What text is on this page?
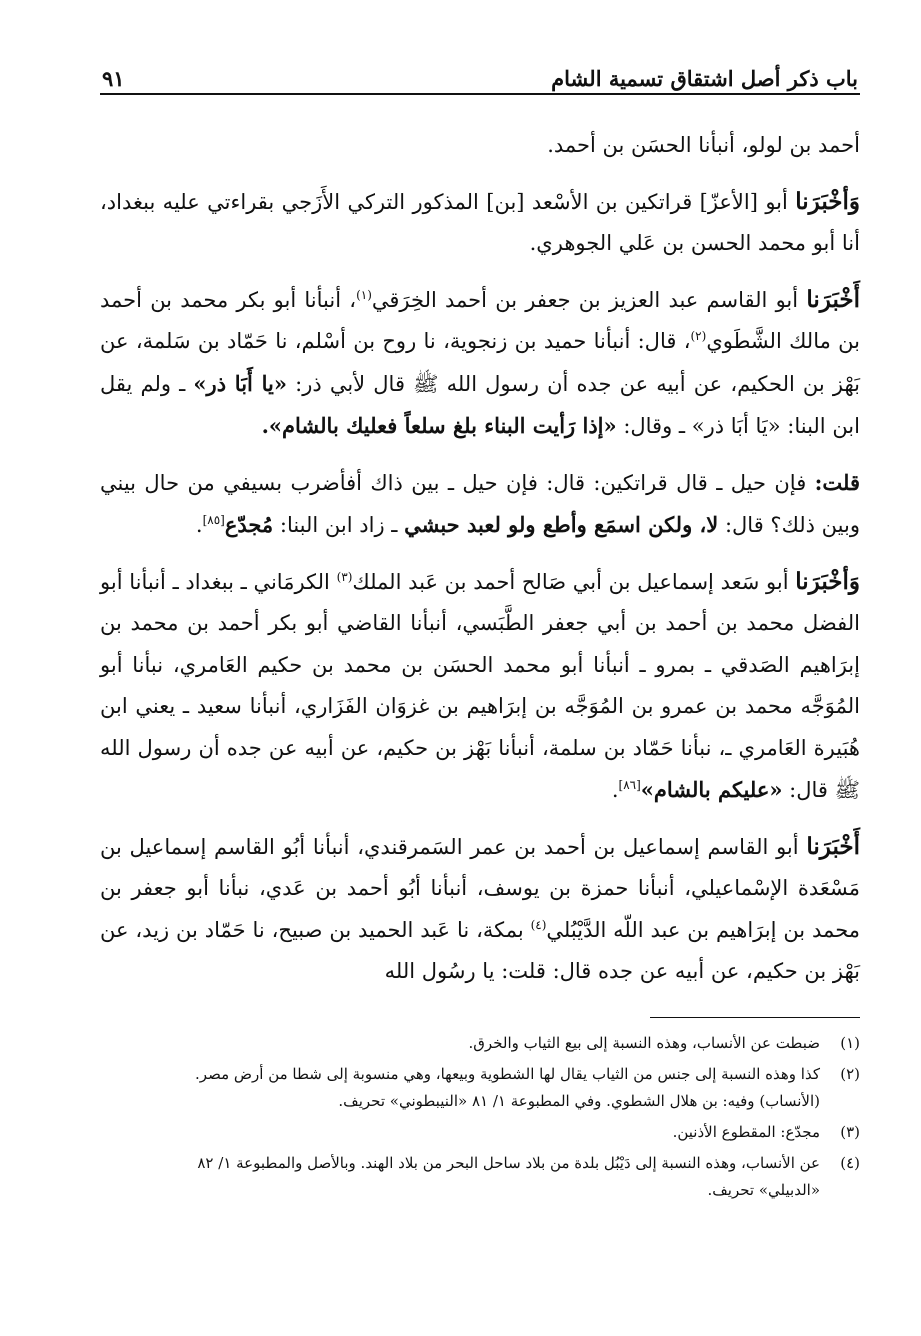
باب ذكر أصل اشتقاق تسمية الشام
٩١

أحمد بن لولو، أنبأنا الحسَن بن أحمد.

وَأخْبَرَنا أبو [الأعزّ] قراتكين بن الأسْعد [بن] المذكور التركي الأَزَجي بقراءتي عليه ببغداد، أنا أبو محمد الحسن بن عَلي الجوهري.

أَخْبَرَنا أبو القاسم عبد العزيز بن جعفر بن أحمد الخِرَقي$^{(١)}$، أنبأنا أبو بكر محمد بن أحمد بن مالك الشَّطَوي$^{(٢)}$، قال: أنبأنا حميد بن زنجوية، نا روح بن أسْلم، نا حَمّاد بن سَلمة، عن بَهْز بن الحكيم، عن أبيه عن جده أن رسول الله ﷺ قال لأبي ذر: «يا أَبَا ذر» ـ ولم يقل ابن البنا: «يَا أبَا ذر» ـ وقال: «إذا رَأيت البناء بلغ سلعاً فعليك بالشام».

قلت: فإن حيل ـ قال قراتكين: قال: فإن حيل ـ بين ذاك أفأضرب بسيفي من حال بيني وبين ذلك؟ قال: لا، ولكن اسمَع وأطع ولو لعبد حبشي ـ زاد ابن البنا: مُجدّع[٨٥].

وَأخْبَرَنا أبو سَعد إسماعيل بن أبي صَالح أحمد بن عَبد الملك$^{(٣)}$ الكرمَاني ـ ببغداد ـ أنبأنا أبو الفضل محمد بن أحمد بن أبي جعفر الطَّبَسي، أنبأنا القاضي أبو بكر أحمد بن محمد بن إبرَاهيم الصَدقي ـ بمرو ـ أنبأنا أبو محمد الحسَن بن محمد بن حكيم العَامري، نبأنا أبو المُوَجَّه محمد بن عمرو بن المُوَجَّه بن إبرَاهيم بن غزوَان الفَزَاري، أنبأنا سعيد ـ يعني ابن هُبَيرة العَامري ـ، نبأنا حَمّاد بن سلمة، أنبأنا بَهْز بن حكيم، عن أبيه عن جده أن رسول الله ﷺ قال: «عليكم بالشام»[٨٦].

أَخْبَرَنا أبو القاسم إسماعيل بن أحمد بن عمر السَمرقندي، أنبأنا أبُو القاسم إسماعيل بن مَسْعَدة الإسْماعيلي، أنبأنا حمزة بن يوسف، أنبأنا أبُو أحمد بن عَدي، نبأنا أبو جعفر بن محمد بن إبرَاهيم بن عبد اللّه الدَّيْبُلي$^{(٤)}$ بمكة، نا عَبد الحميد بن صبيح، نا حَمّاد بن زيد، عن بَهْز بن حكيم، عن أبيه عن جده قال: قلت: يا رسُول الله

(١)
ضبطت عن الأنساب، وهذه النسبة إلى بيع الثياب والخرق.
(٢)
كذا وهذه النسبة إلى جنس من الثياب يقال لها الشطوية وبيعها، وهي منسوبة إلى شطا من أرض مصر.
(الأنساب) وفيه: بن هلال الشطوي. وفي المطبوعة ١/ ٨١ «النيبطوني» تحريف.
(٣)
مجدّع: المقطوع الأذنين.
(٤)
عن الأنساب، وهذه النسبة إلى دَيْبُل بلدة من بلاد ساحل البحر من بلاد الهند. وبالأصل والمطبوعة ١/ ٨٢
«الدبيلي» تحريف.
